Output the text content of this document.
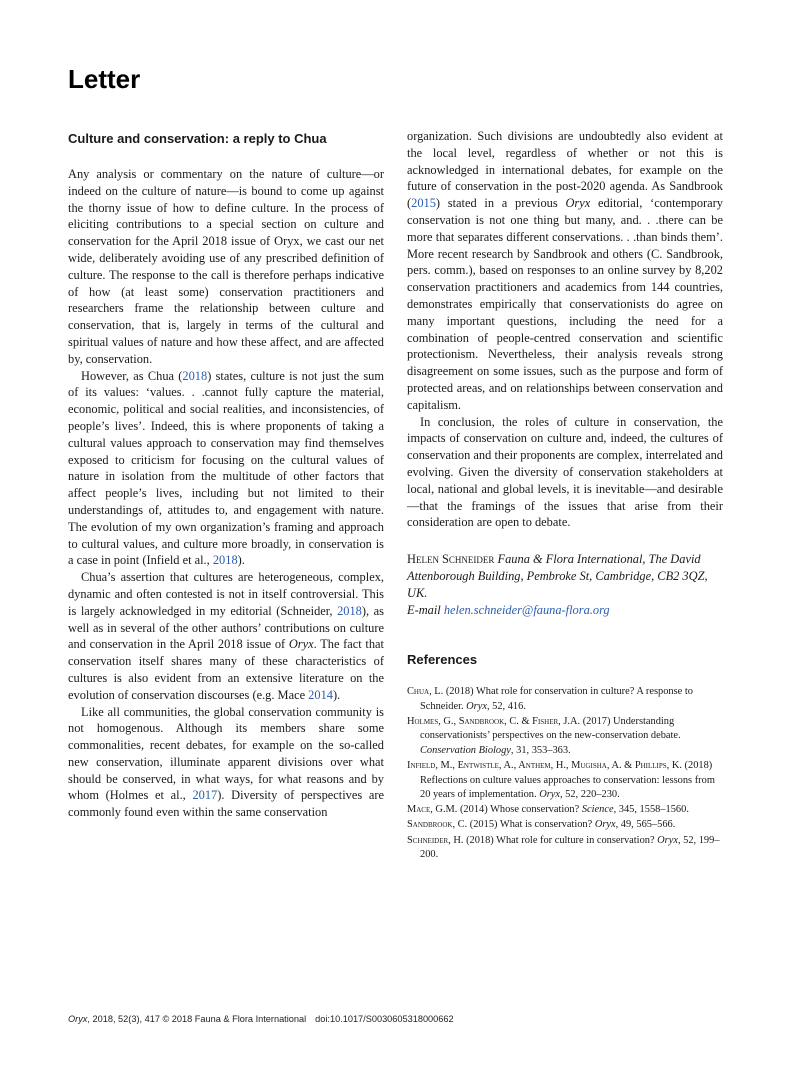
Letter
Culture and conservation: a reply to Chua

Any analysis or commentary on the nature of culture—or indeed on the culture of nature—is bound to come up against the thorny issue of how to define culture. In the process of eliciting contributions to a special section on culture and conservation for the April 2018 issue of Oryx, we cast our net wide, deliberately avoiding use of any prescribed definition of culture. The response to the call is therefore perhaps indicative of how (at least some) conservation practitioners and researchers frame the relationship between culture and conservation, that is, largely in terms of the cultural and spiritual values of nature and how these affect, and are affected by, conservation.

However, as Chua (2018) states, culture is not just the sum of its values: ‘values. . .cannot fully capture the material, economic, political and social realities, and inconsistencies, of people’s lives’. Indeed, this is where proponents of taking a cultural values approach to conservation may find themselves exposed to criticism for focusing on the cultural values of nature in isolation from the multitude of other factors that affect people’s lives, including but not limited to their understandings of, attitudes to, and engagement with nature. The evolution of my own organization’s framing and approach to cultural values, and culture more broadly, in conservation is a case in point (Infield et al., 2018).

Chua’s assertion that cultures are heterogeneous, complex, dynamic and often contested is not in itself controversial. This is largely acknowledged in my editorial (Schneider, 2018), as well as in several of the other authors’ contributions on culture and conservation in the April 2018 issue of Oryx. The fact that conservation itself shares many of these characteristics of cultures is also evident from an extensive literature on the evolution of conservation discourses (e.g. Mace 2014).

Like all communities, the global conservation community is not homogenous. Although its members share some commonalities, recent debates, for example on the so-called new conservation, illuminate apparent divisions over what should be conserved, in what ways, for what reasons and by whom (Holmes et al., 2017). Diversity of perspectives are commonly found even within the same conservation

organization. Such divisions are undoubtedly also evident at the local level, regardless of whether or not this is acknowledged in international debates, for example on the future of conservation in the post-2020 agenda. As Sandbrook (2015) stated in a previous Oryx editorial, ‘contemporary conservation is not one thing but many, and. . .there can be more that separates different conservations. . .than binds them’. More recent research by Sandbrook and others (C. Sandbrook, pers. comm.), based on responses to an online survey by 8,202 conservation practitioners and academics from 144 countries, demonstrates empirically that conservationists do agree on many important questions, including the need for a combination of people-centred conservation and scientific protectionism. Nevertheless, their analysis reveals strong disagreement on some issues, such as the purpose and form of protected areas, and on relationships between conservation and capitalism.

In conclusion, the roles of culture in conservation, the impacts of conservation on culture and, indeed, the cultures of conservation and their proponents are complex, interrelated and evolving. Given the diversity of conservation stakeholders at local, national and global levels, it is inevitable—and desirable—that the framings of the issues that arise from their consideration are open to debate.

Helen Schneider Fauna & Flora International, The David Attenborough Building, Pembroke St, Cambridge, CB2 3QZ, UK.
E-mail helen.schneider@fauna-flora.org

References

Chua, L. (2018) What role for conservation in culture? A response to Schneider. Oryx, 52, 416.

Holmes, G., Sandbrook, C. & Fisher, J.A. (2017) Understanding conservationists’ perspectives on the new-conservation debate. Conservation Biology, 31, 353–363.

Infield, M., Entwistle, A., Anthem, H., Mugisha, A. & Phillips, K. (2018) Reflections on culture values approaches to conservation: lessons from 20 years of implementation. Oryx, 52, 220–230.

Mace, G.M. (2014) Whose conservation? Science, 345, 1558–1560.

Sandbrook, C. (2015) What is conservation? Oryx, 49, 565–566.

Schneider, H. (2018) What role for culture in conservation? Oryx, 52, 199–200.

Oryx, 2018, 52(3), 417 © 2018 Fauna & Flora International doi:10.1017/S0030605318000662
